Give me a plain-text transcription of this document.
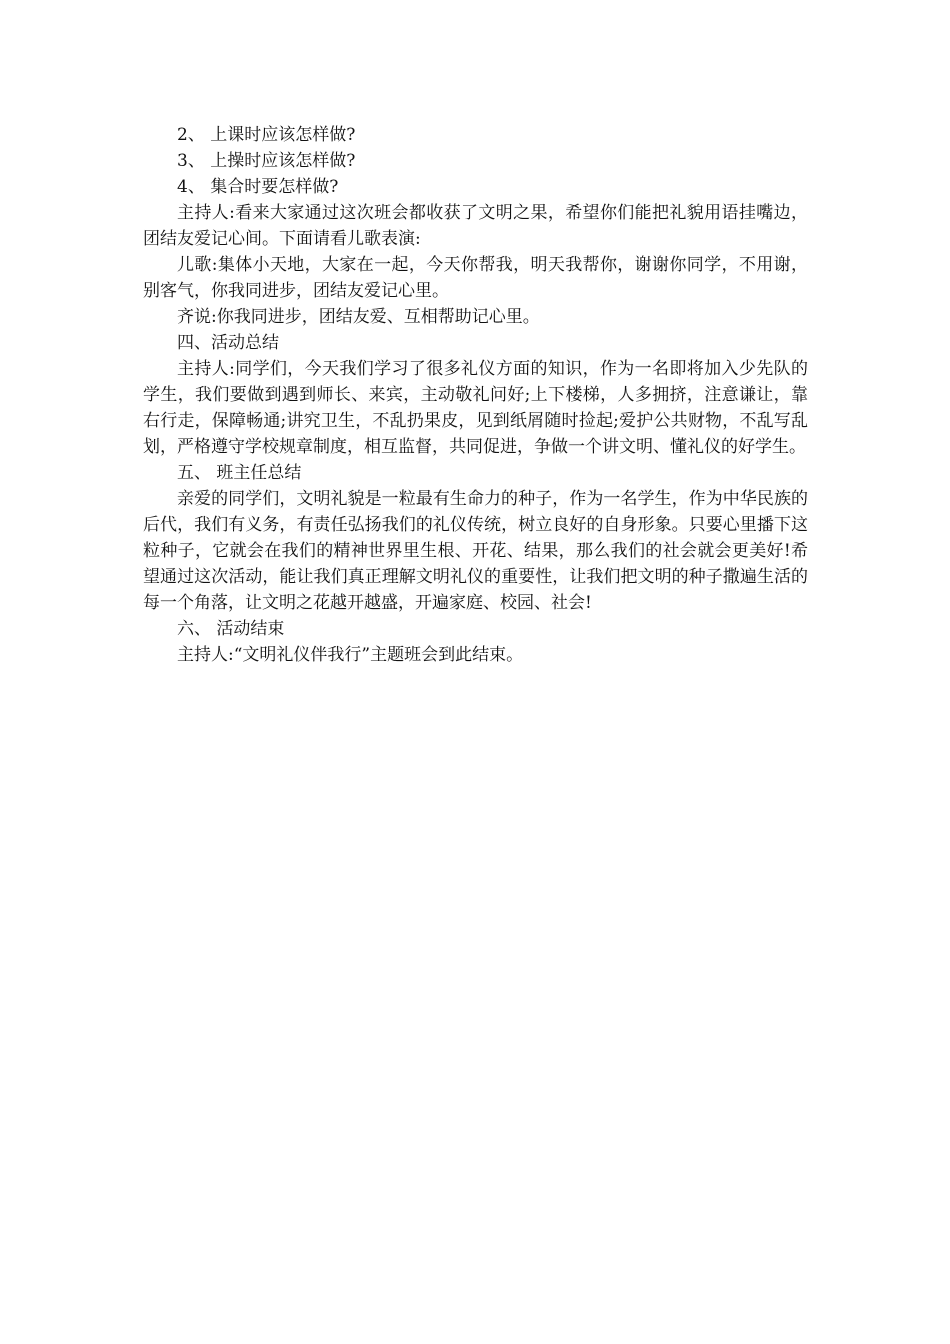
2、 上课时应该怎样做?

3、 上操时应该怎样做?

4、 集合时要怎样做?

主持人:看来大家通过这次班会都收获了文明之果，希望你们能把礼貌用语挂嘴边，团结友爱记心间。下面请看儿歌表演:

儿歌:集体小天地，大家在一起，今天你帮我，明天我帮你，谢谢你同学，不用谢，别客气，你我同进步，团结友爱记心里。

齐说:你我同进步，团结友爱、互相帮助记心里。

四、活动总结

主持人:同学们，今天我们学习了很多礼仪方面的知识，作为一名即将加入少先队的学生，我们要做到遇到师长、来宾，主动敬礼问好;上下楼梯，人多拥挤，注意谦让，靠右行走，保障畅通;讲究卫生，不乱扔果皮，见到纸屑随时捡起;爱护公共财物，不乱写乱划，严格遵守学校规章制度，相互监督，共同促进，争做一个讲文明、懂礼仪的好学生。

五、 班主任总结

亲爱的同学们，文明礼貌是一粒最有生命力的种子，作为一名学生，作为中华民族的后代，我们有义务，有责任弘扬我们的礼仪传统，树立良好的自身形象。只要心里播下这粒种子，它就会在我们的精神世界里生根、开花、结果，那么我们的社会就会更美好!希望通过这次活动，能让我们真正理解文明礼仪的重要性，让我们把文明的种子撒遍生活的每一个角落，让文明之花越开越盛，开遍家庭、校园、社会!

六、 活动结束

主持人:“文明礼仪伴我行”主题班会到此结束。
